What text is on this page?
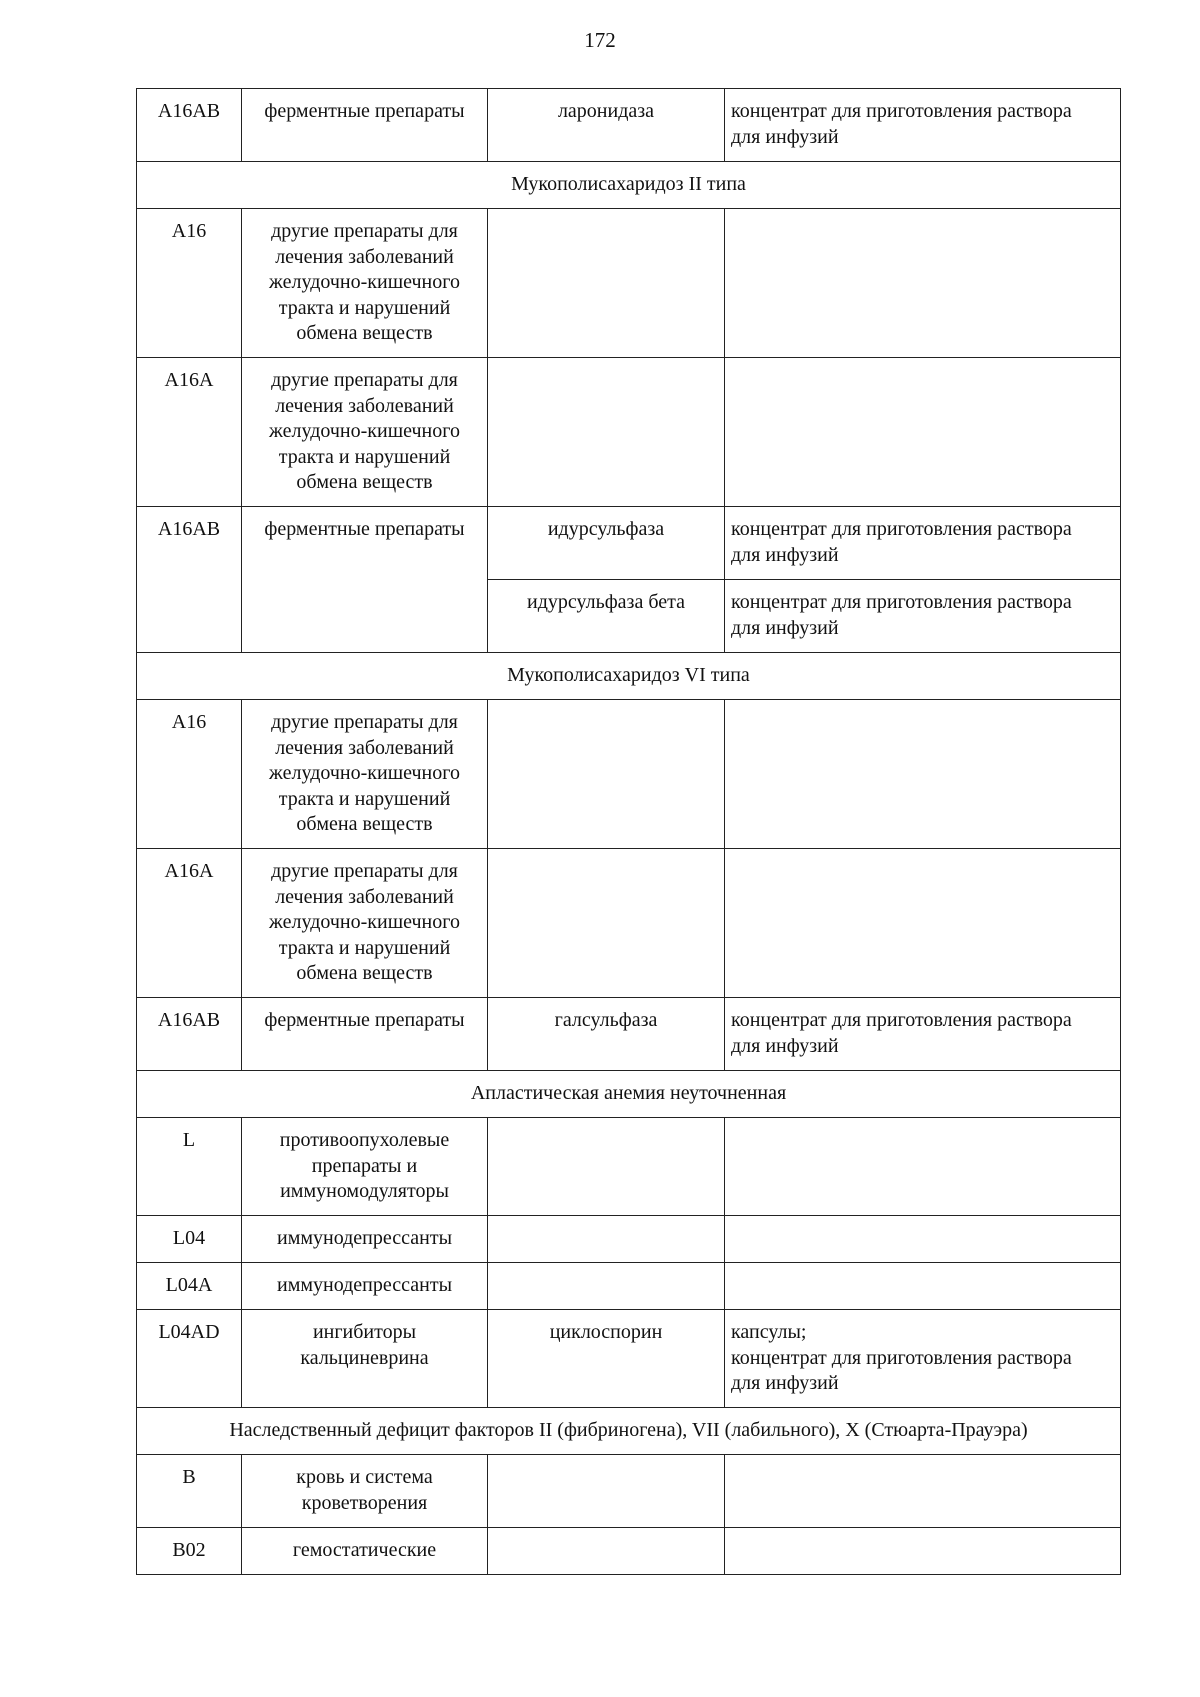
172
A16AB	ферментные препараты	ларонидаза	концентрат для приготовления раствора
для инфузий

Мукополисахаридоз II типа			
A16	другие препараты для
лечения заболеваний
желудочно-кишечного
тракта и нарушений
обмена веществ		

A16A	другие препараты для
лечения заболеваний
желудочно-кишечного
тракта и нарушений
обмена веществ		

A16AB	ферментные препараты	идурсульфаза	концентрат для приготовления раствора
для инфузий

		идурсульфаза бета	концентрат для приготовления раствора
для инфузий

Мукополисахаридоз VI типа			
A16	другие препараты для
лечения заболеваний
желудочно-кишечного
тракта и нарушений
обмена веществ		

A16A	другие препараты для
лечения заболеваний
желудочно-кишечного
тракта и нарушений
обмена веществ		

A16AB	ферментные препараты	галсульфаза	концентрат для приготовления раствора
для инфузий

Апластическая анемия неуточненная			
L	противоопухолевые
препараты и
иммуномодуляторы		

L04	иммунодепрессанты		
L04A	иммунодепрессанты		
L04AD	ингибиторы
кальциневрина	циклоспорин	капсулы;
концентрат для приготовления раствора
для инфузий

Наследственный дефицит факторов II (фибриногена), VII (лабильного), X (Стюарта-Прауэра)			
B	кровь и система
кроветворения		

B02	гемостатические		
